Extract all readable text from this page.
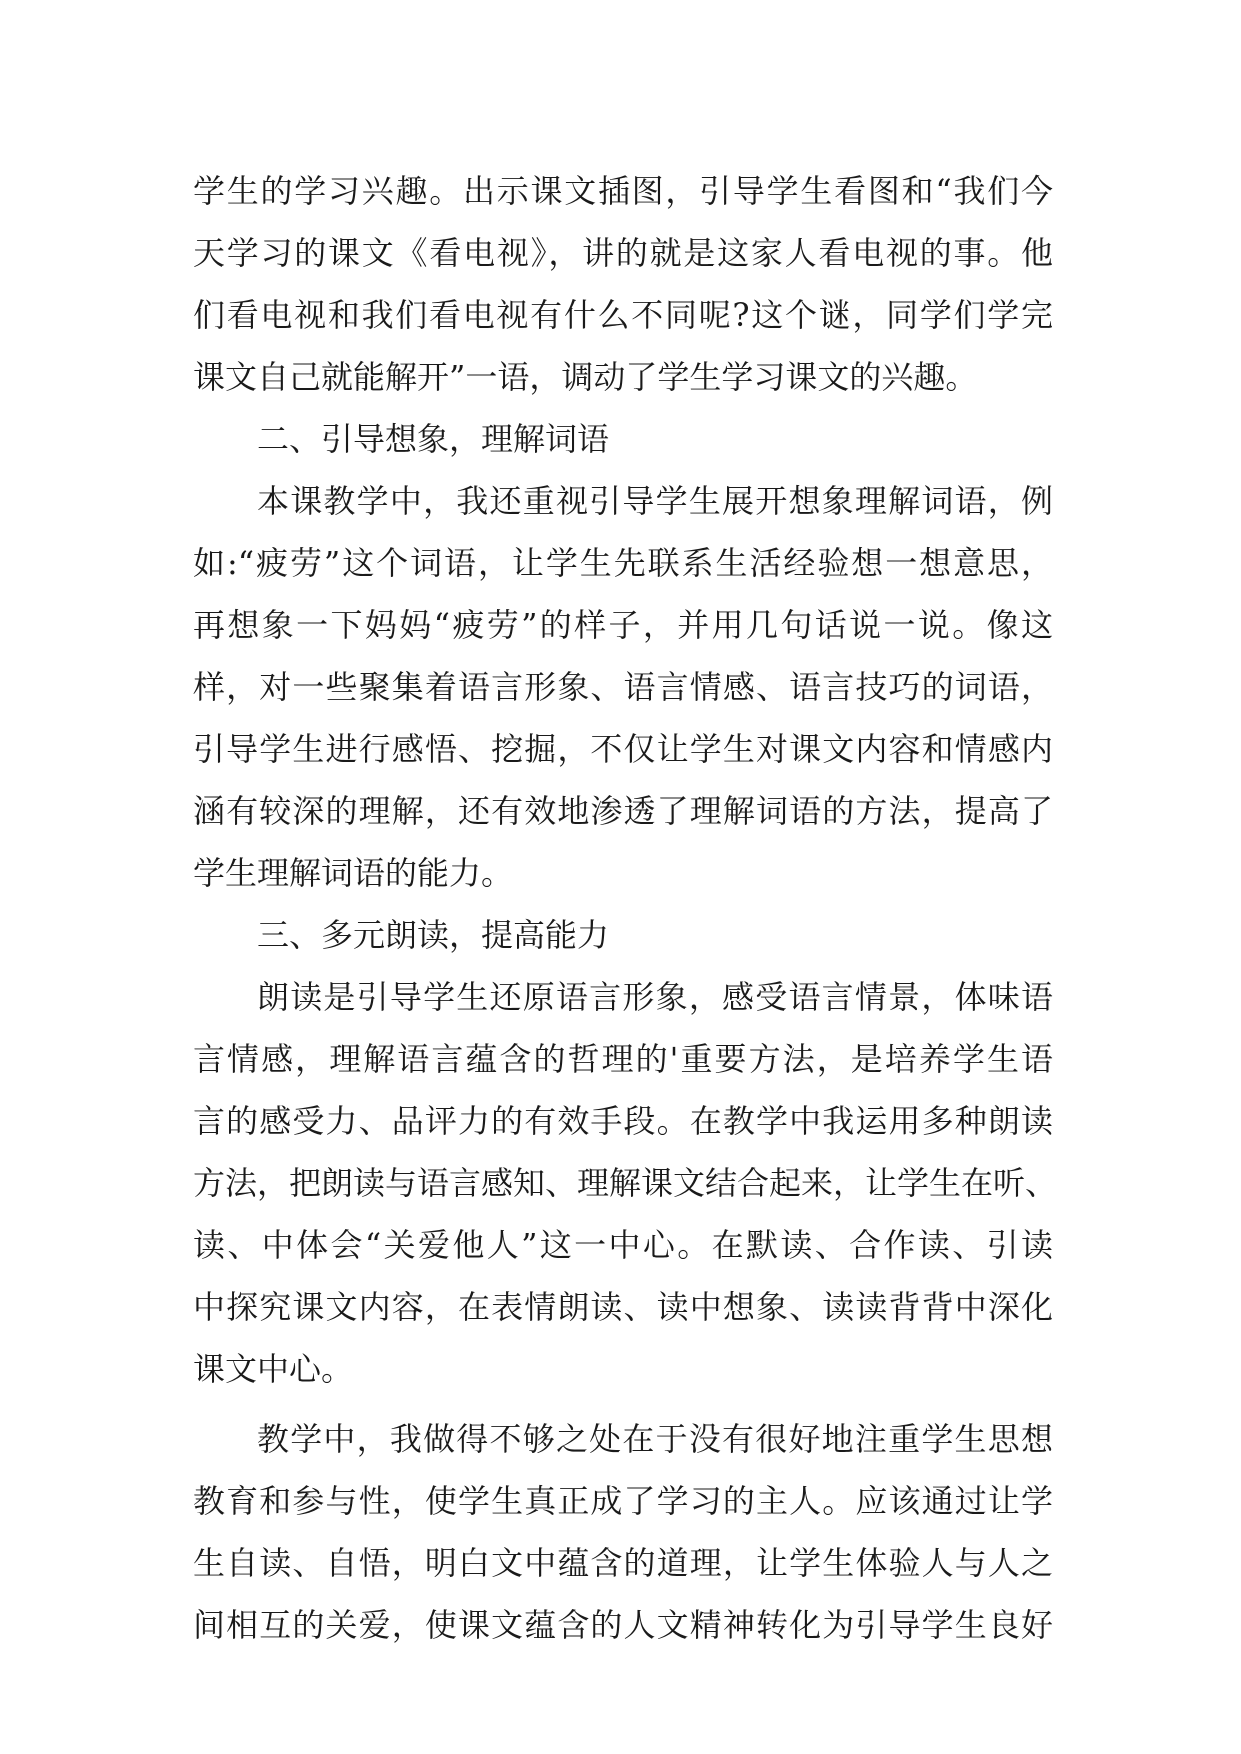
学生的学习兴趣。出示课文插图，引导学生看图和“我们今
天学习的课文《看电视》，讲的就是这家人看电视的事。他
们看电视和我们看电视有什么不同呢?这个谜，同学们学完
课文自己就能解开”一语，调动了学生学习课文的兴趣。
二、引导想象，理解词语
本课教学中，我还重视引导学生展开想象理解词语，例
如:“疲劳”这个词语，让学生先联系生活经验想一想意思，
再想象一下妈妈“疲劳”的样子，并用几句话说一说。像这
样，对一些聚集着语言形象、语言情感、语言技巧的词语，
引导学生进行感悟、挖掘，不仅让学生对课文内容和情感内
涵有较深的理解，还有效地渗透了理解词语的方法，提高了
学生理解词语的能力。
三、多元朗读，提高能力
朗读是引导学生还原语言形象，感受语言情景，体味语
言情感，理解语言蕴含的哲理的'重要方法，是培养学生语
言的感受力、品评力的有效手段。在教学中我运用多种朗读
方法，把朗读与语言感知、理解课文结合起来，让学生在听、
读、中体会“关爱他人”这一中心。在默读、合作读、引读
中探究课文内容，在表情朗读、读中想象、读读背背中深化
课文中心。
教学中，我做得不够之处在于没有很好地注重学生思想
教育和参与性，使学生真正成了学习的主人。应该通过让学
生自读、自悟，明白文中蕴含的道理，让学生体验人与人之
间相互的关爱，使课文蕴含的人文精神转化为引导学生良好
